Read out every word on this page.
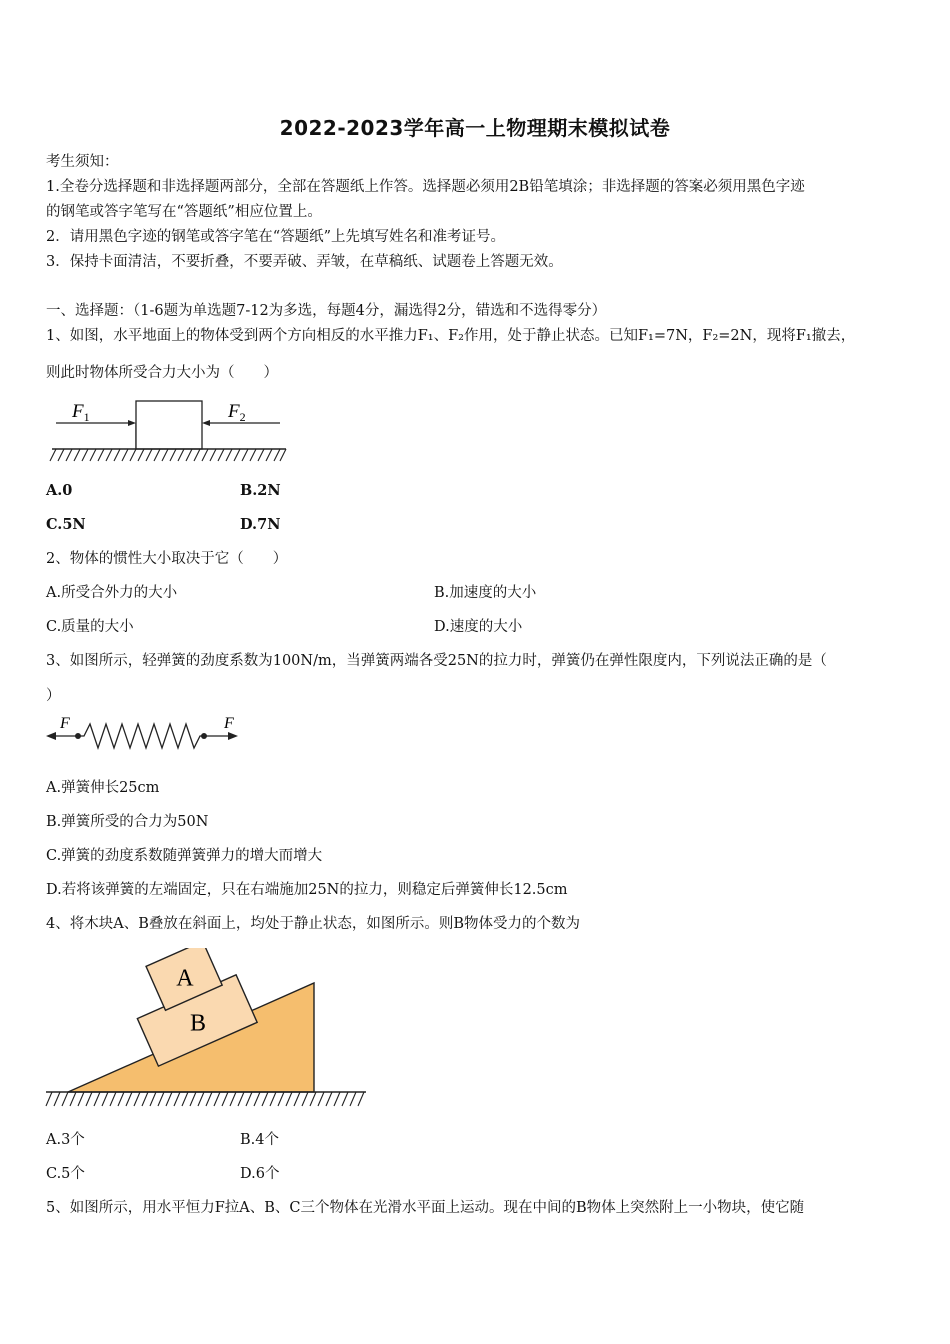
2022-2023学年高一上物理期末模拟试卷
考生须知：
1.全卷分选择题和非选择题两部分，全部在答题纸上作答。选择题必须用2B铅笔填涂；非选择题的答案必须用黑色字迹
的钢笔或答字笔写在“答题纸”相应位置上。
2．请用黑色字迹的钢笔或答字笔在“答题纸”上先填写姓名和准考证号。
3．保持卡面清洁，不要折叠，不要弄破、弄皱，在草稿纸、试题卷上答题无效。
一、选择题：（1-6题为单选题7-12为多选，每题4分，漏选得2分，错选和不选得零分）
1、如图，水平地面上的物体受到两个方向相反的水平推力F₁、F₂作用，处于静止状态。已知F₁=7N，F₂=2N，现将F₁撤去，
则此时物体所受合力大小为（　　）
$F_1$	$F_2$
A.0	B.2N
C.5N	D.7N
2、物体的惯性大小取决于它（　　）
A.所受合外力的大小	B.加速度的大小
C.质量的大小	D.速度的大小
3、如图所示，轻弹簧的劲度系数为100N/m，当弹簧两端各受25N的拉力时，弹簧仍在弹性限度内，下列说法正确的是（
）
F	F
A.弹簧伸长25cm
B.弹簧所受的合力为50N
C.弹簧的劲度系数随弹簧弹力的增大而增大
D.若将该弹簧的左端固定，只在右端施加25N的拉力，则稳定后弹簧伸长12.5cm
4、将木块A、B叠放在斜面上，均处于静止状态，如图所示。则B物体受力的个数为
B
A
A.3个	B.4个
C.5个	D.6个
5、如图所示，用水平恒力F拉A、B、C三个物体在光滑水平面上运动。现在中间的B物体上突然附上一小物块，使它随
